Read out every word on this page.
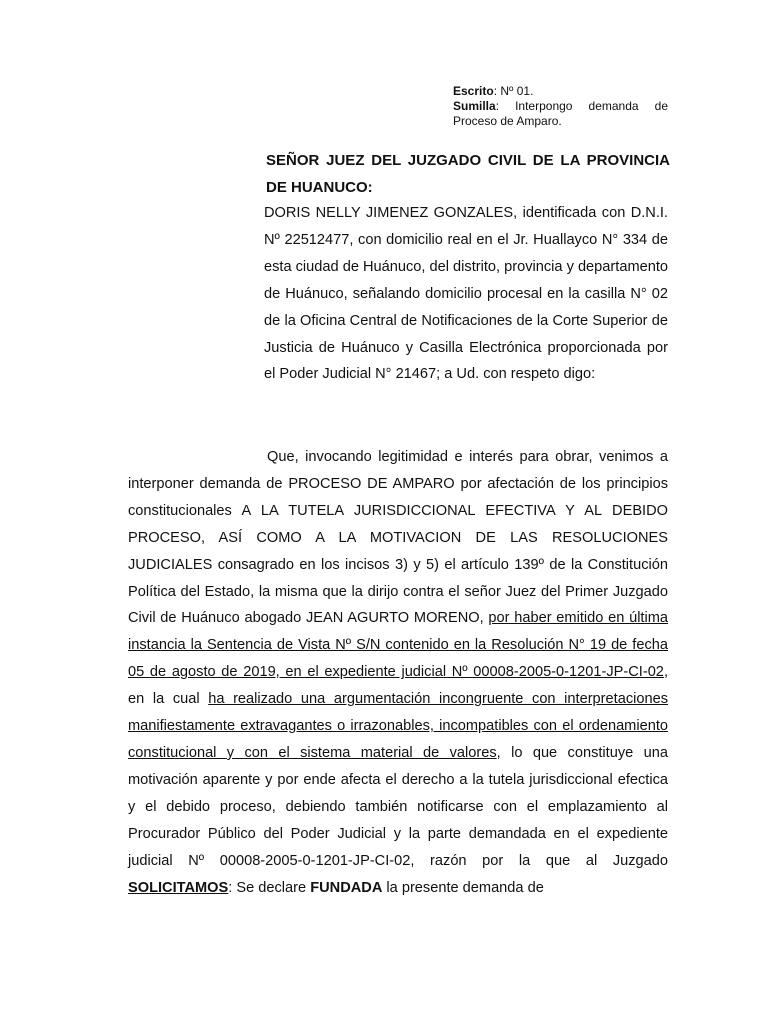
Escrito: Nº 01.
Sumilla: Interpongo demanda de Proceso de Amparo.
SEÑOR JUEZ DEL JUZGADO CIVIL DE LA PROVINCIA DE HUANUCO:
DORIS NELLY JIMENEZ GONZALES, identificada con D.N.I. Nº 22512477, con domicilio real en el Jr. Huallayco N° 334 de esta ciudad de Huánuco, del distrito, provincia y departamento de Huánuco, señalando domicilio procesal en la casilla N° 02 de la Oficina Central de Notificaciones de la Corte Superior de Justicia de Huánuco y Casilla Electrónica proporcionada por el Poder Judicial N° 21467; a Ud. con respeto digo:
Que, invocando legitimidad e interés para obrar, venimos a interponer demanda de PROCESO DE AMPARO por afectación de los principios constitucionales A LA TUTELA JURISDICCIONAL EFECTIVA Y AL DEBIDO PROCESO, ASÍ COMO A LA MOTIVACION DE LAS RESOLUCIONES JUDICIALES consagrado en los incisos 3) y 5) el artículo 139º de la Constitución Política del Estado, la misma que la dirijo contra el señor Juez del Primer Juzgado Civil de Huánuco abogado JEAN AGURTO MORENO, por haber emitido en última instancia la Sentencia de Vista Nº S/N contenido en la Resolución N° 19 de fecha 05 de agosto de 2019, en el expediente judicial Nº 00008-2005-0-1201-JP-CI-02, en la cual ha realizado una argumentación incongruente con interpretaciones manifiestamente extravagantes o irrazonables, incompatibles con el ordenamiento constitucional y con el sistema material de valores, lo que constituye una motivación aparente y por ende afecta el derecho a la tutela jurisdiccional efectica y el debido proceso, debiendo también notificarse con el emplazamiento al Procurador Público del Poder Judicial y la parte demandada en el expediente judicial Nº 00008-2005-0-1201-JP-CI-02, razón por la que al Juzgado SOLICITAMOS: Se declare FUNDADA la presente demanda de
